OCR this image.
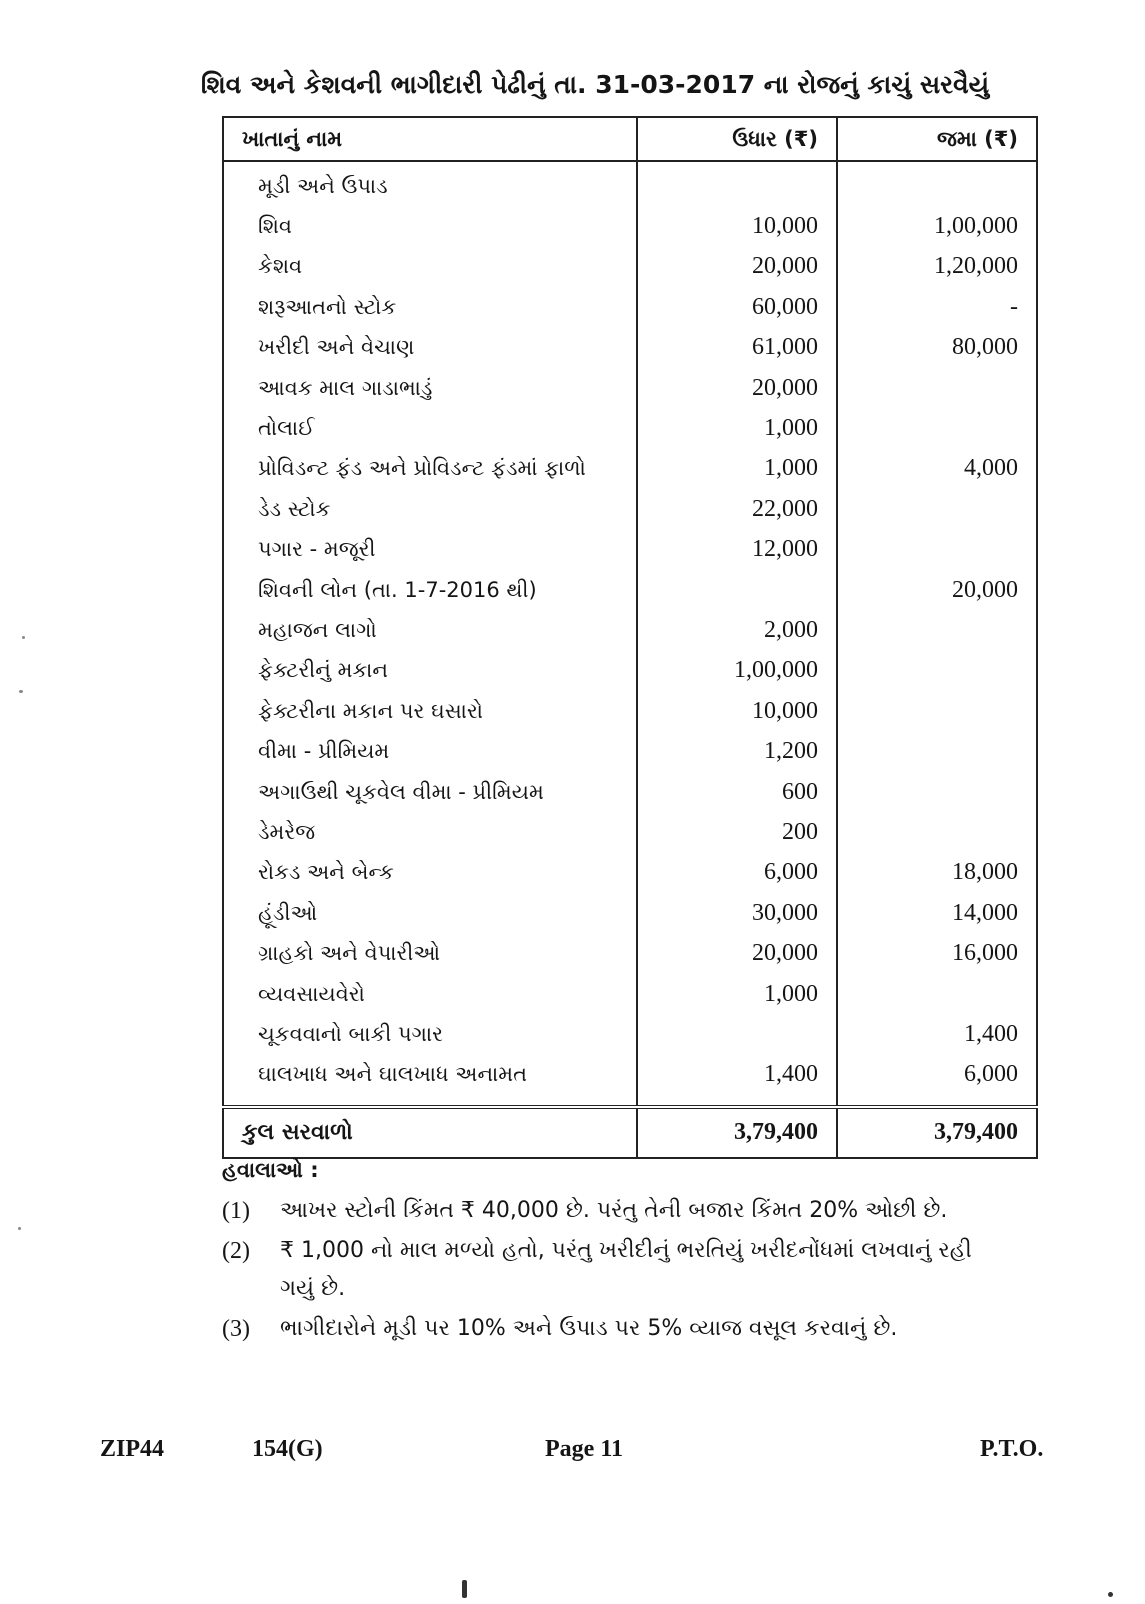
શિવ અને કેશવની ભાગીદારી પેઢીનું તા. 31-03-2017 ના રોજનું કાચું સરવૈયું
ખાતાનું નામ	ઉધાર (₹)	જમા (₹)
મૂડી અને ઉપાડ		
શિવ	10,000	1,00,000
કેશવ	20,000	1,20,000
શરૂઆતનો સ્ટોક	60,000	-
ખરીદી અને વેચાણ	61,000	80,000
આવક માલ ગાડાભાડું	20,000	
તોલાઈ	1,000	
પ્રોવિડન્ટ ફંડ અને પ્રોવિડન્ટ ફંડમાં ફાળો	1,000	4,000
ડેડ સ્ટોક	22,000	
પગાર - મજૂરી	12,000	
શિવની લોન (તા. 1-7-2016 થી)		20,000
મહાજન લાગો	2,000	
ફેક્ટરીનું મકાન	1,00,000	
ફેક્ટરીના મકાન પર ઘસારો	10,000	
વીમા - પ્રીમિયમ	1,200	
અગાઉથી ચૂકવેલ વીમા - પ્રીમિયમ	600	
ડેમરેજ	200	
રોકડ અને બેન્ક	6,000	18,000
હૂંડીઓ	30,000	14,000
ગ્રાહકો અને વેપારીઓ	20,000	16,000
વ્યવસાયવેરો	1,000	
ચૂકવવાનો બાકી પગાર		1,400
ઘાલખાધ અને ઘાલખાધ અનામત	1,400	6,000
કુલ સરવાળો	3,79,400	3,79,400
હવાલાઓ :
(1)	આખર સ્ટોની કિંમત ₹ 40,000 છે. પરંતુ તેની બજાર કિંમત 20% ઓછી છે.
(2)	₹ 1,000 નો માલ મળ્યો હતો, પરંતુ ખરીદીનું ભરતિયું ખરીદનોંધમાં લખવાનું રહી ગયું છે.
(3)	ભાગીદારોને મૂડી પર 10% અને ઉપાડ પર 5% વ્યાજ વસૂલ કરવાનું છે.
ZIP44	154(G)	Page 11	P.T.O.
